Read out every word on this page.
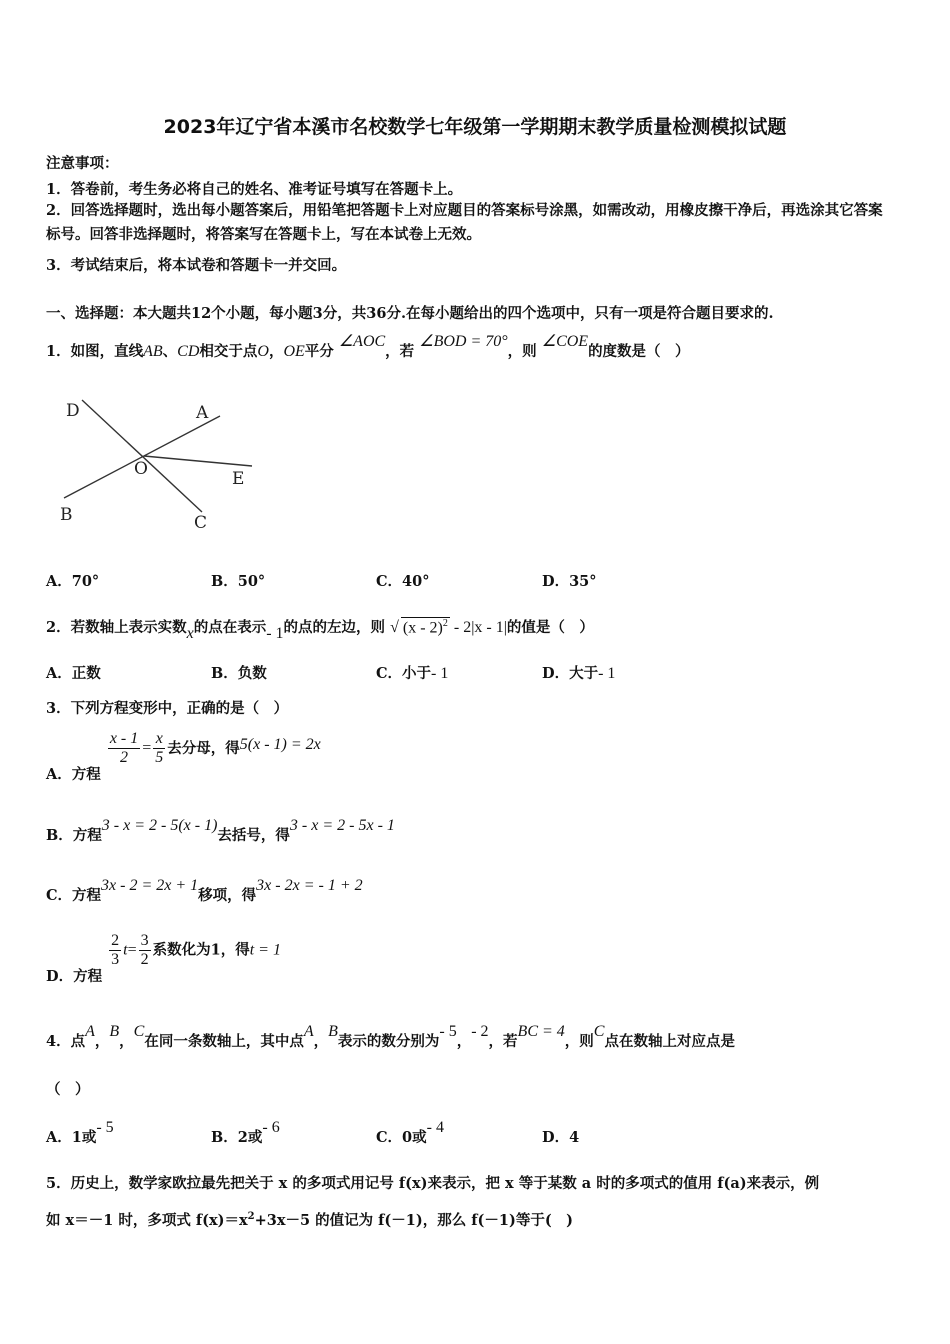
2023年辽宁省本溪市名校数学七年级第一学期期末教学质量检测模拟试题
注意事项：
1．答卷前，考生务必将自己的姓名、准考证号填写在答题卡上。
2．回答选择题时，选出每小题答案后，用铅笔把答题卡上对应题目的答案标号涂黑，如需改动，用橡皮擦干净后，再选涂其它答案标号。回答非选择题时，将答案写在答题卡上，写在本试卷上无效。
3．考试结束后，将本试卷和答题卡一并交回。
一、选择题：本大题共12个小题，每小题3分，共36分.在每小题给出的四个选项中，只有一项是符合题目要求的.
1．如图，直线AB、CD相交于点O，OE平分 ∠AOC，若 ∠BOD = 70°，则 ∠COE的度数是（　）
D	A
O	E
B	C
A．70°	B．50°	C．40°	D．35°
2．若数轴上表示实数x的点在表示- 1的点的左边，则 √ (x - 2)$^2$ - 2|x - 1|的值是（　）
A．正数	B．负数	C．小于- 1	D．大于- 1
3．下列方程变形中，正确的是（　）
A．方程
$\frac{x - 1}{2} = \frac{x}{5}$ 去分母，得5(x - 1) = 2x
B．方程3 - x = 2 - 5(x - 1)去括号，得3 - x = 2 - 5x - 1
C．方程3x - 2 = 2x + 1移项，得3x - 2x = - 1 + 2
D．方程
$\frac{2}{3} t= \frac{3}{2}$ 系数化为1，得t = 1
4．点A，B，C在同一条数轴上，其中点A，B表示的数分别为- 5，- 2，若BC = 4，则C点在数轴上对应点是
（　）
A．1或- 5
B．2或- 6
C．0或- 4
D．4
5．历史上，数学家欧拉最先把关于 x 的多项式用记号 f(x)来表示，把 x 等于某数 a 时的多项式的值用 f(a)来表示，例
如 x＝－1 时，多项式 $f(x)=x^2+3x-5$ 的值记为 f(－1)，那么 f(－1)等于(　)
